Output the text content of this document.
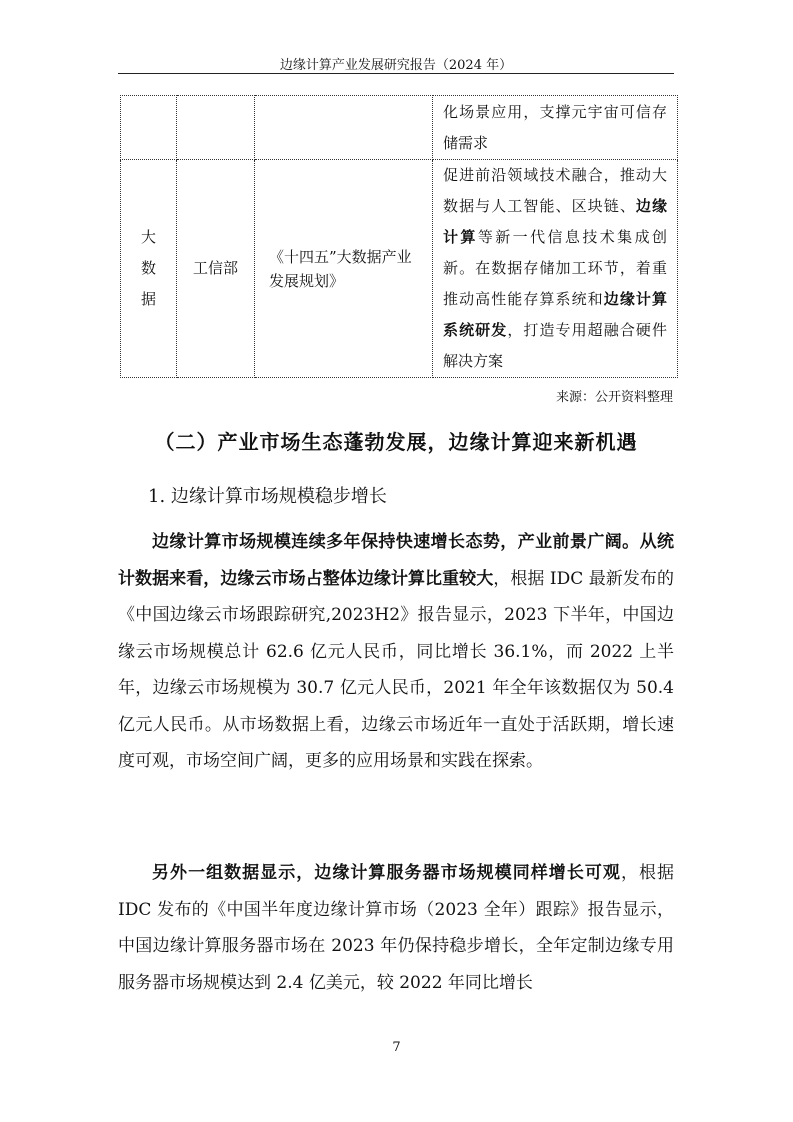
边缘计算产业发展研究报告（2024 年）
			化场景应用，支撑元宇宙可信存储需求
大数据	工信部	《十四五”大数据产业发展规划》	促进前沿领域技术融合，推动大数据与人工智能、区块链、边缘计算等新一代信息技术集成创新。在数据存储加工环节，着重推动高性能存算系统和边缘计算系统研发，打造专用超融合硬件解决方案
来源：公开资料整理
（二）产业市场生态蓬勃发展，边缘计算迎来新机遇
1. 边缘计算市场规模稳步增长

边缘计算市场规模连续多年保持快速增长态势，产业前景广阔。从统计数据来看，边缘云市场占整体边缘计算比重较大，根据 IDC 最新发布的《中国边缘云市场跟踪研究,2023H2》报告显示，2023 下半年，中国边缘云市场规模总计 62.6 亿元人民币，同比增长 36.1%，而 2022 上半年，边缘云市场规模为 30.7 亿元人民币，2021 年全年该数据仅为 50.4 亿元人民币。从市场数据上看，边缘云市场近年一直处于活跃期，增长速度可观，市场空间广阔，更多的应用场景和实践在探索。

另外一组数据显示，边缘计算服务器市场规模同样增长可观，根据 IDC 发布的《中国半年度边缘计算市场（2023 全年）跟踪》报告显示，中国边缘计算服务器市场在 2023 年仍保持稳步增长，全年定制边缘专用服务器市场规模达到 2.4 亿美元，较 2022 年同比增长

7
